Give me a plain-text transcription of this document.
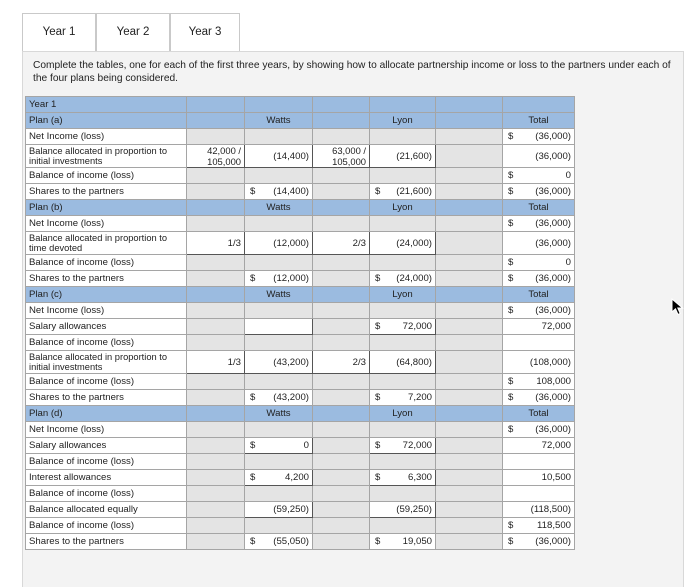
Year 1	Year 2	Year 3
Complete the tables, one for each of the first three years, by showing how to allocate partnership income or loss to the partners under each of the four plans being considered.
Year 1						
Plan (a)		Watts		Lyon		Total
Net Income (loss)						$ (36,000)

Balance allocated in proportion to initial investments	42,000 /
105,000	(14,400)	63,000 /
105,000	(21,600)		(36,000)
Balance of income (loss)						$ 0

Shares to the partners		$ (14,400)		$ (21,600)		$ (36,000)

Plan (b)		Watts		Lyon		Total
Net Income (loss)						$ (36,000)

Balance allocated in proportion to time devoted	1/3	(12,000)	2/3	(24,000)		(36,000)
Balance of income (loss)						$ 0

Shares to the partners		$ (12,000)		$ (24,000)		$ (36,000)

Plan (c)		Watts		Lyon		Total
Net Income (loss)						$ (36,000)

Salary allowances				$ 72,000		72,000
Balance of income (loss)						
Balance allocated in proportion to initial investments	1/3	(43,200)	2/3	(64,800)		(108,000)
Balance of income (loss)						$ 108,000

Shares to the partners		$ (43,200)		$ 7,200		$ (36,000)

Plan (d)		Watts		Lyon		Total
Net Income (loss)						$ (36,000)

Salary allowances		$ 0		$ 72,000		72,000
Balance of income (loss)						
Interest allowances		$ 4,200		$ 6,300		10,500
Balance of income (loss)						
Balance allocated equally		(59,250)		(59,250)		(118,500)
Balance of income (loss)						$ 118,500

Shares to the partners		$ (55,050)		$ 19,050		$ (36,000)
